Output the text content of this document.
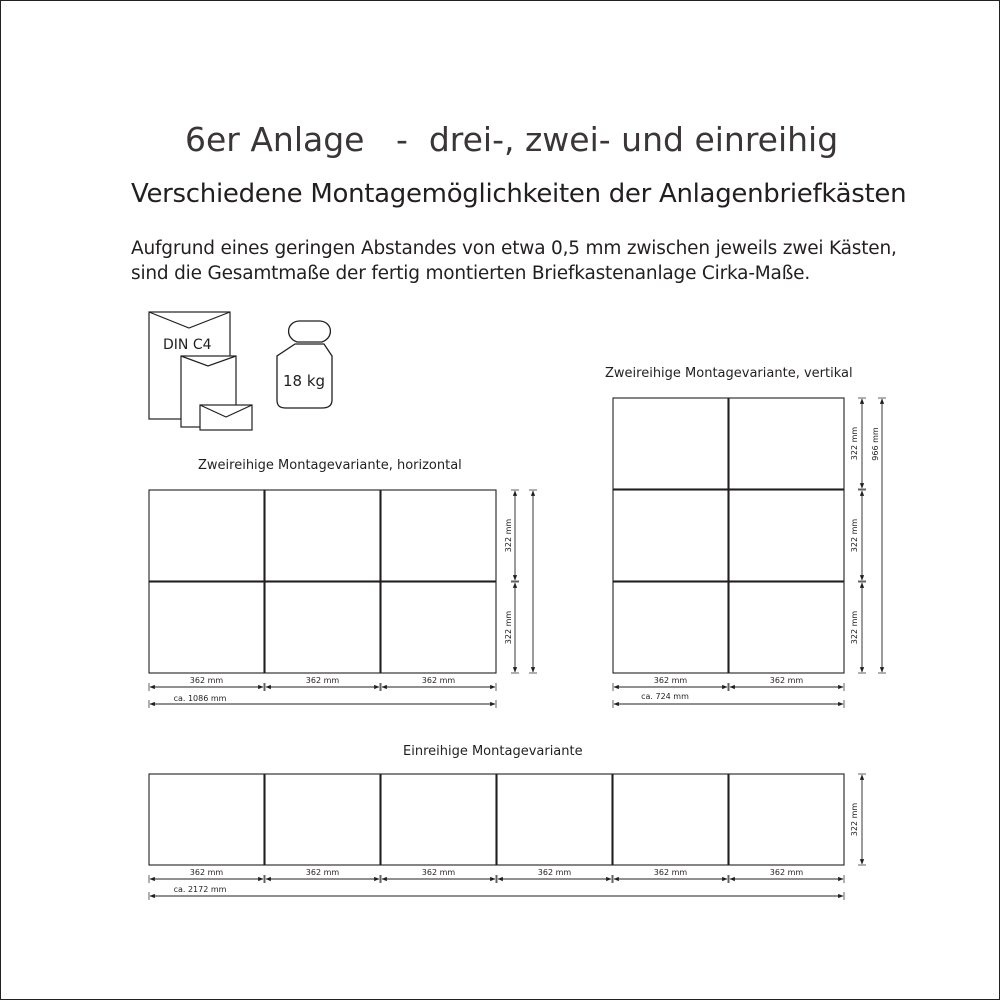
6er Anlage   -  drei-, zwei- und einreihig
Verschiedene Montagemöglichkeiten der Anlagenbriefkästen
Aufgrund eines geringen Abstandes von etwa 0,5 mm zwischen jeweils zwei Kästen,
sind die Gesamtmaße der fertig montierten Briefkastenanlage Cirka-Maße.
Zweireihige Montagevariante, horizontal
Zweireihige Montagevariante, vertikal
Einreihige Montagevariante
DIN C4
18 kg
362 mm	362 mm	362 mm
ca. 1086 mm
322 mm
322 mm
362 mm	362 mm
ca. 724 mm
322 mm
322 mm
322 mm
966 mm
362 mm	362 mm	362 mm	362 mm	362 mm	362 mm
ca. 2172 mm
322 mm
